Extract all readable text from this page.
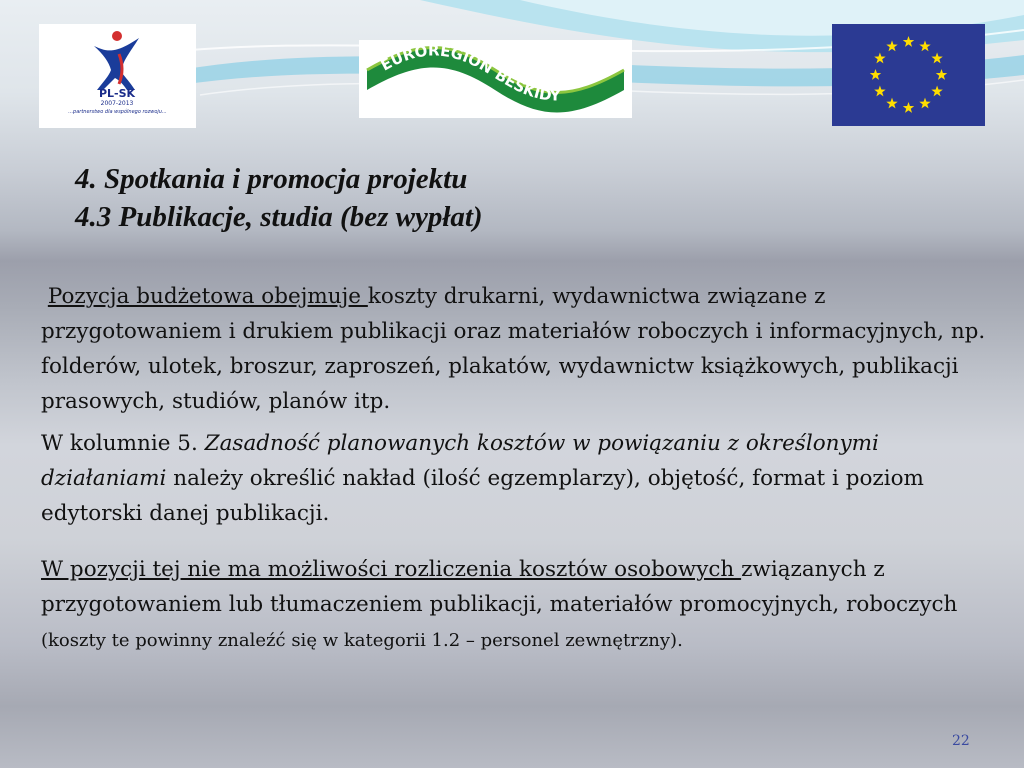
PL-SK
2007-2013
...partnerstwo dla wspólnego rozwoju...
EUROREGION BESKIDY
4. Spotkania i promocja projektu
4.3 Publikacje, studia (bez wypłat)

Pozycja budżetowa obejmuje koszty drukarni, wydawnictwa związane z przygotowaniem i drukiem publikacji oraz materiałów roboczych i informacyjnych, np. folderów, ulotek, broszur, zaproszeń, plakatów, wydawnictw książkowych, publikacji prasowych, studiów, planów itp.

W kolumnie 5. Zasadność planowanych kosztów w powiązaniu z określonymi działaniami należy określić nakład (ilość egzemplarzy), objętość, format i poziom edytorski danej publikacji.

W pozycji tej nie ma możliwości rozliczenia kosztów osobowych związanych z przygotowaniem lub tłumaczeniem publikacji, materiałów promocyjnych, roboczych (koszty te powinny znaleźć się w kategorii 1.2 – personel zewnętrzny).

22
